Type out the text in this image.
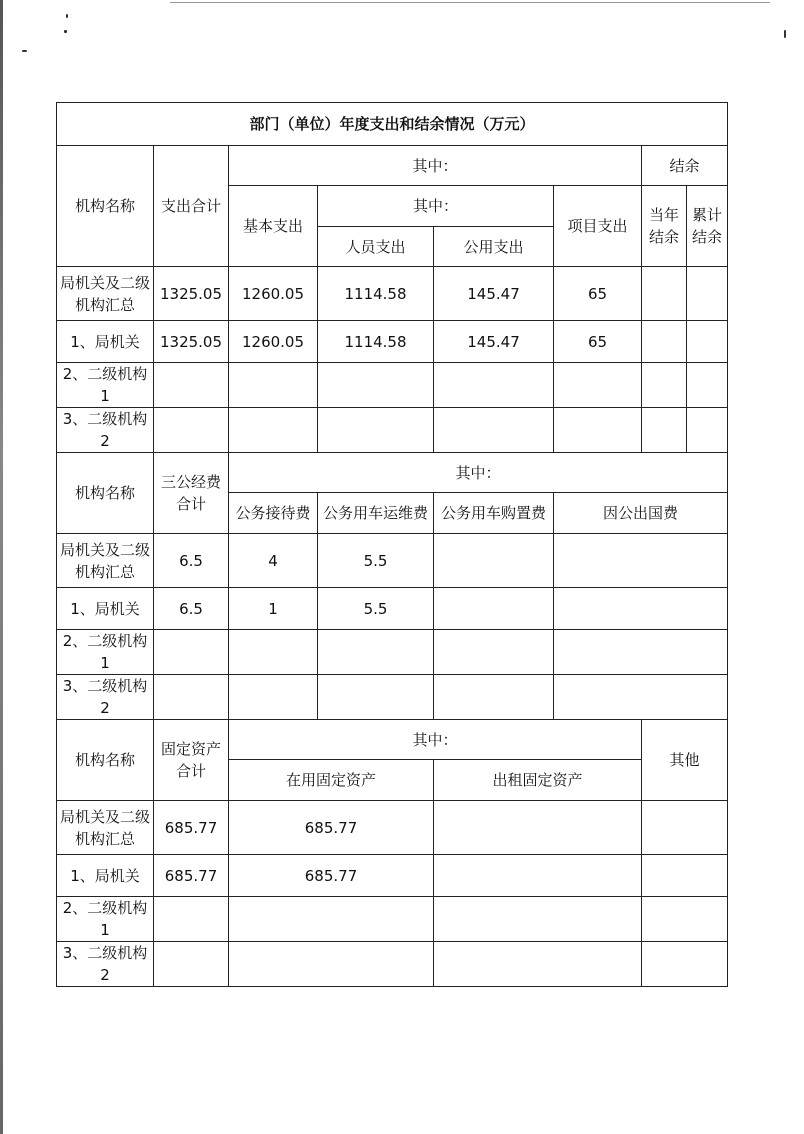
部门（单位）年度支出和结余情况（万元）							
机构名称	支出合计	其中：				结余	
		基本支出	其中：		项目支出	当年结余	累计结余
			人员支出	公用支出			
局机关及二级机构汇总	1325.05	1260.05	1114.58	145.47	65		
1、局机关	1325.05	1260.05	1114.58	145.47	65		
2、二级机构 1							
3、二级机构 2							
机构名称	三公经费合计	其中：					
		公务接待费	公务用车运维费	公务用车购置费	因公出国费		
局机关及二级机构汇总	6.5	4	5.5				
1、局机关	6.5	1	5.5				
2、二级机构 1							
3、二级机构 2							
机构名称	固定资产合计	其中：				其他	
		在用固定资产		出租固定资产			
局机关及二级机构汇总	685.77	685.77					
1、局机关	685.77	685.77					
2、二级机构 1							
3、二级机构 2							
